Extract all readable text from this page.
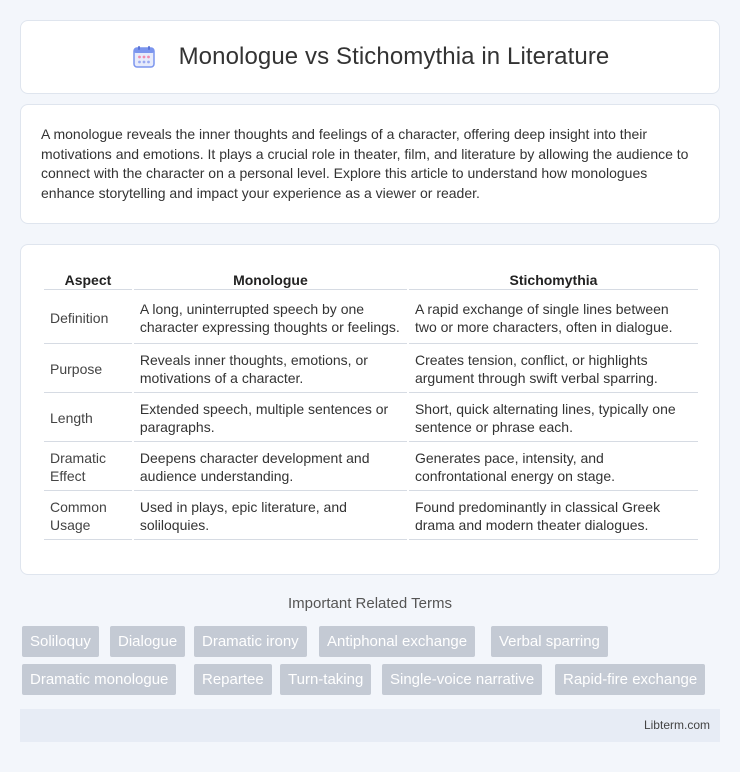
Monologue vs Stichomythia in Literature

A monologue reveals the inner thoughts and feelings of a character, offering deep insight into their motivations and emotions. It plays a crucial role in theater, film, and literature by allowing the audience to connect with the character on a personal level. Explore this article to understand how monologues enhance storytelling and impact your experience as a viewer or reader.

Aspect	Monologue	Stichomythia
Definition	A long, uninterrupted speech by one character expressing thoughts or feelings.	A rapid exchange of single lines between two or more characters, often in dialogue.
Purpose	Reveals inner thoughts, emotions, or motivations of a character.	Creates tension, conflict, or highlights argument through swift verbal sparring.
Length	Extended speech, multiple sentences or paragraphs.	Short, quick alternating lines, typically one sentence or phrase each.
Dramatic Effect	Deepens character development and audience understanding.	Generates pace, intensity, and confrontational energy on stage.
Common Usage	Used in plays, epic literature, and soliloquies.	Found predominantly in classical Greek drama and modern theater dialogues.
Important Related Terms
Soliloquy	Dialogue	Dramatic irony	Antiphonal exchange	Verbal sparring
Dramatic monologue	Repartee	Turn-taking	Single-voice narrative	Rapid-fire exchange
Libterm.com
